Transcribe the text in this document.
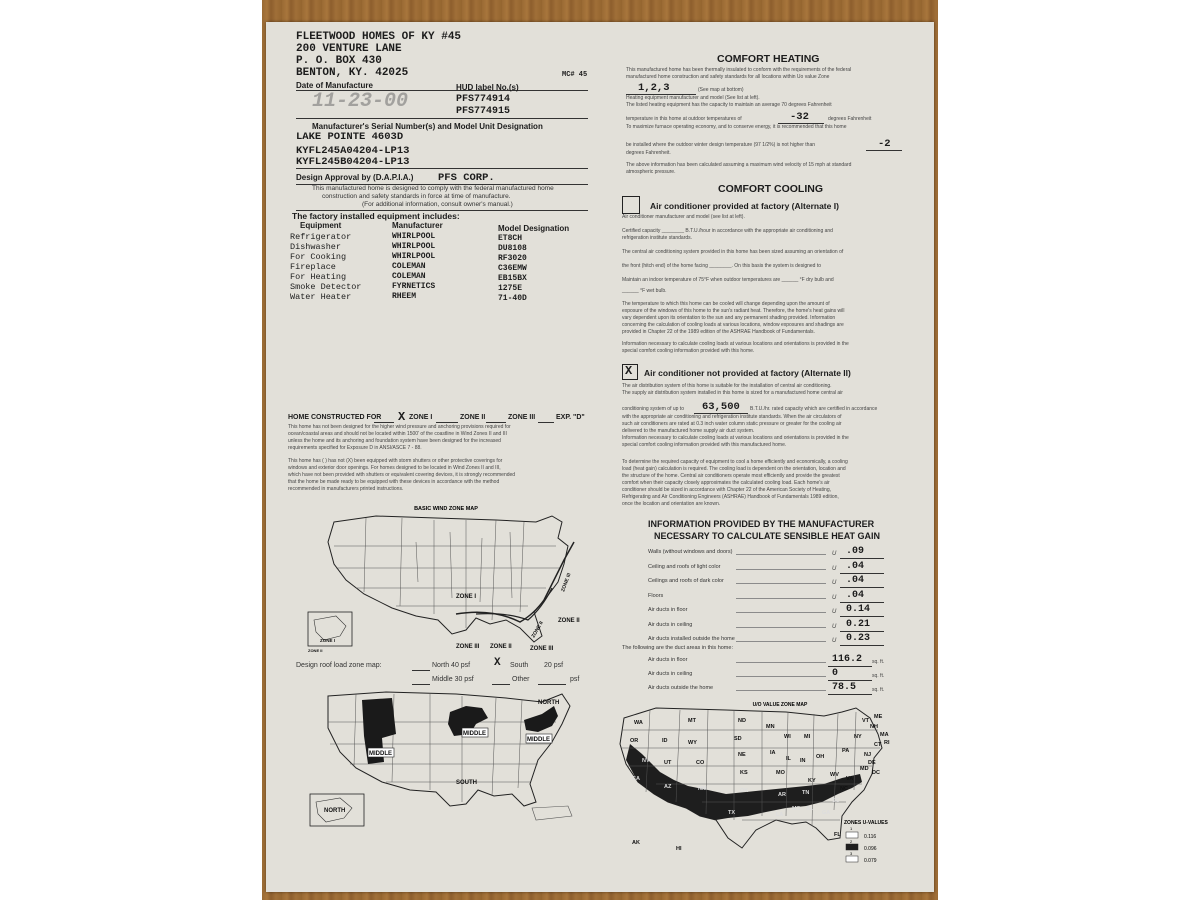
FLEETWOOD HOMES OF KY #45
200 VENTURE LANE
P. O. BOX 430
BENTON, KY. 42025	MC# 45
Date of Manufacture
11-23-00
HUD label No.(s)
PFS774914
PFS774915
Manufacturer's Serial Number(s) and Model Unit Designation
LAKE POINTE 4603D
KYFL245A04204-LP13
KYFL245B04204-LP13
Design Approval by (D.A.P.I.A.) PFS CORP.
This manufactured home is designed to comply with the federal manufactured home
construction and safety standards in force at time of manufacture.
(For additional information, consult owner's manual.)
The factory installed equipment includes:
Equipment	Manufacturer	Model Designation
Refrigerator	WHIRLPOOL	ET8CH
Dishwasher	WHIRLPOOL	DU8108
For Cooking	WHIRLPOOL	RF3020
Fireplace	COLEMAN	C36EMW
For Heating	COLEMAN	EB15BX
Smoke Detector	FYRNETICS	1275E
Water Heater	RHEEM	71-40D
HOME CONSTRUCTED FOR X ZONE I	ZONE II	ZONE III	EXP. "D"
This home has not been designed for the higher wind pressure and anchoring provisions required for
ocean/coastal areas and should not be located within 1500' of the coastline in Wind Zones II and III
unless the home and its anchoring and foundation system have been designed for the increased
requirements specified for Exposure D in ANSI/ASCE 7 - 88.
This home has ( ) has not (X) been equipped with storm shutters or other protective coverings for
windows and exterior door openings. For homes designed to be located in Wind Zones II and III,
which have not been provided with shutters or equivalent covering devices, it is strongly recommended
that the home be made ready to be equipped with these devices in accordance with the method
recommended in manufacturers printed instructions.
BASIC WIND ZONE MAP
ZONE I
ZONE II
ZONE III
ZONE II
ZONE III
ZONE I
ZONE II
ZONE II
ZONE III
Design roof load zone map:	North 40 psf X South 20 psf
Middle 30 psf	Other	psf
MIDDLE
MIDDLE
MIDDLE
NORTH
SOUTH
NORTH
COMFORT HEATING
This manufactured home has been thermally insulated to conform with the requirements of the federal
manufactured home construction and safety standards for all locations within Uo value Zone
1,2,3	(See map at bottom)
Heating equipment manufacturer and model (See list at left).
The listed heating equipment has the capacity to maintain an average 70 degrees Fahrenheit
temperature in this home at outdoor temperatures of	-32	degrees Fahrenheit
To maximize furnace operating economy, and to conserve energy, it is recommended that this home
be installed where the outdoor winter design temperature (97 1/2%) is not higher than	-2
degrees Fahrenheit.
The above information has been calculated assuming a maximum wind velocity of 15 mph at standard
atmospheric pressure.
COMFORT COOLING
Air conditioner provided at factory (Alternate I)
Air conditioner manufacturer and model (see list at left).
Certified capacity ________ B.T.U./hour in accordance with the appropriate air conditioning and
refrigeration institute standards.
The central air conditioning system provided in this home has been sized assuming an orientation of
the front (hitch end) of the home facing ________. On this basis the system is designed to
Maintain an indoor temperature of 75°F when outdoor temperatures are ______ °F dry bulb and
______ °F wet bulb.
The temperature to which this home can be cooled will change depending upon the amount of
exposure of the windows of this home to the sun's radiant heat. Therefore, the home's heat gains will
vary dependent upon its orientation to the sun and any permanent shading provided. Information
concerning the calculation of cooling loads at various locations, window exposures and shadings are
provided in Chapter 22 of the 1989 edition of the ASHRAE Handbook of Fundamentals.
Information necessary to calculate cooling loads at various locations and orientations is provided in the
special comfort cooling information provided with this home.
X Air conditioner not provided at factory (Alternate II)
The air distribution system of this home is suitable for the installation of central air conditioning.
The supply air distribution system installed in this home is sized for a manufactured home central air
conditioning system of up to 63,500 B.T.U./hr. rated capacity which are certified in accordance
with the appropriate air conditioning and refrigeration institute standards. When the air circulators of
such air conditioners are rated at 0.3 inch water column static pressure or greater for the cooling air
delivered to the manufactured home supply air duct system.
Information necessary to calculate cooling loads at various locations and orientations is provided in the
special comfort cooling information provided with this manufactured home.
To determine the required capacity of equipment to cool a home efficiently and economically, a cooling
load (heat gain) calculation is required. The cooling load is dependent on the orientation, location and
the structure of the home. Central air conditioners operate most efficiently and provide the greatest
comfort when their capacity closely approximates the calculated cooling load. Each home's air
conditioner should be sized in accordance with Chapter 22 of the American Society of Heating,
Refrigerating and Air Conditioning Engineers (ASHRAE) Handbook of Fundamentals 1989 edition,
once the location and orientation are known.
INFORMATION PROVIDED BY THE MANUFACTURER
NECESSARY TO CALCULATE SENSIBLE HEAT GAIN
Walls (without windows and doors)	U .09
Ceiling and roofs of light color	U .04
Ceilings and roofs of dark color	U .04
Floors	U .04
Air ducts in floor	U 0.14
Air ducts in ceiling	U 0.21
Air ducts installed outside the home	U 0.23
The following are the duct areas in this home:
Air ducts in floor	116.2 sq. ft.
Air ducts in ceiling	0	sq. ft.
Air ducts outside the home	78.5	sq. ft.
U/O VALUE ZONE MAP
WA	MT	ND
MN
OR	ID	SD
WY
NE	IA
NV	UT	CO
KS	MO
CA
AZ	NM	OK
AR
TX	LA
MS AL
GA
FL
SC
NC
VA
WV
OH
IN
IL
KY
TN
WI MI
PA
NY
ME
VT
NH
MA
CT RI
NJ
DE
MD
DC
AK
HI
ZONES U-VALUES
1
0.116
2
0.096
3
0.079
